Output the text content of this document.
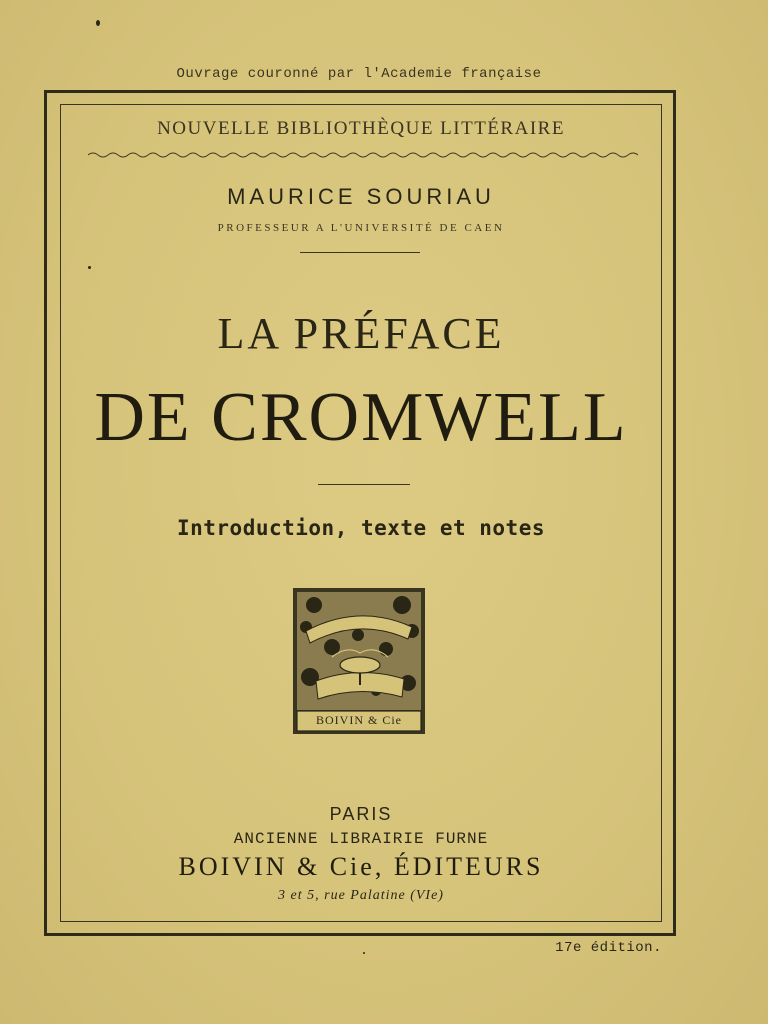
Ouvrage couronné par l'Academie française
NOUVELLE BIBLIOTHÈQUE LITTÉRAIRE
MAURICE SOURIAU
PROFESSEUR A L'UNIVERSITÉ DE CAEN
LA PRÉFACE
DE CROMWELL
Introduction, texte et notes
BOIVIN & Cie
PARIS
ANCIENNE LIBRAIRIE FURNE
BOIVIN & Cie, ÉDITEURS
3 et 5, rue Palatine (VIe)
17e édition.
